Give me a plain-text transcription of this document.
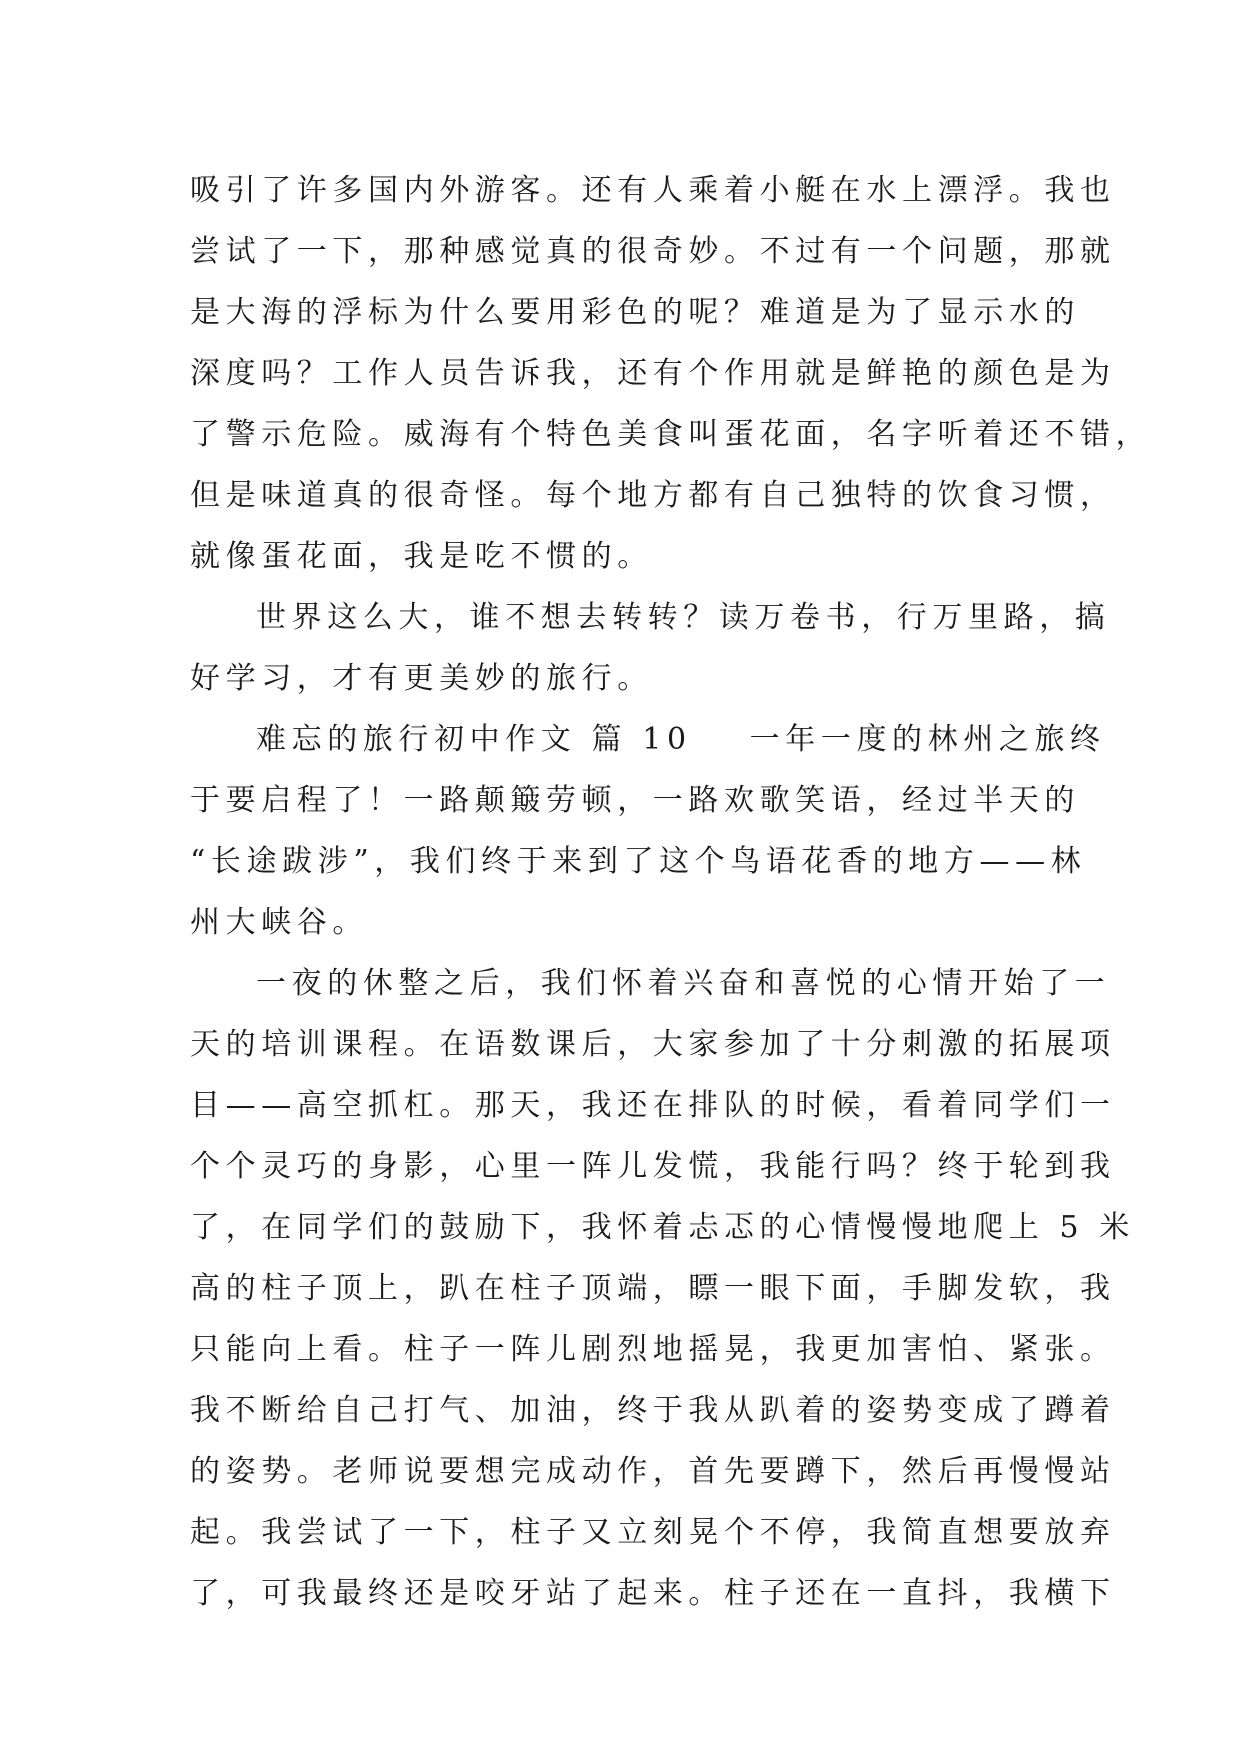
吸引了许多国内外游客。还有人乘着小艇在水上漂浮。我也
尝试了一下，那种感觉真的很奇妙。不过有一个问题，那就
是大海的浮标为什么要用彩色的呢？难道是为了显示水的
深度吗？工作人员告诉我，还有个作用就是鲜艳的颜色是为
了警示危险。威海有个特色美食叫蛋花面，名字听着还不错，
但是味道真的很奇怪。每个地方都有自己独特的饮食习惯，
就像蛋花面，我是吃不惯的。
世界这么大，谁不想去转转？读万卷书，行万里路，搞
好学习，才有更美妙的旅行。
难忘的旅行初中作文 篇 10 一年一度的林州之旅终
于要启程了！一路颠簸劳顿，一路欢歌笑语，经过半天的
“长途跋涉”，我们终于来到了这个鸟语花香的地方——林
州大峡谷。
一夜的休整之后，我们怀着兴奋和喜悦的心情开始了一
天的培训课程。在语数课后，大家参加了十分刺激的拓展项
目——高空抓杠。那天，我还在排队的时候，看着同学们一
个个灵巧的身影，心里一阵儿发慌，我能行吗？终于轮到我
了，在同学们的鼓励下，我怀着忐忑的心情慢慢地爬上 5 米
高的柱子顶上，趴在柱子顶端，瞟一眼下面，手脚发软，我
只能向上看。柱子一阵儿剧烈地摇晃，我更加害怕、紧张。
我不断给自己打气、加油，终于我从趴着的姿势变成了蹲着
的姿势。老师说要想完成动作，首先要蹲下，然后再慢慢站
起。我尝试了一下，柱子又立刻晃个不停，我简直想要放弃
了，可我最终还是咬牙站了起来。柱子还在一直抖，我横下
